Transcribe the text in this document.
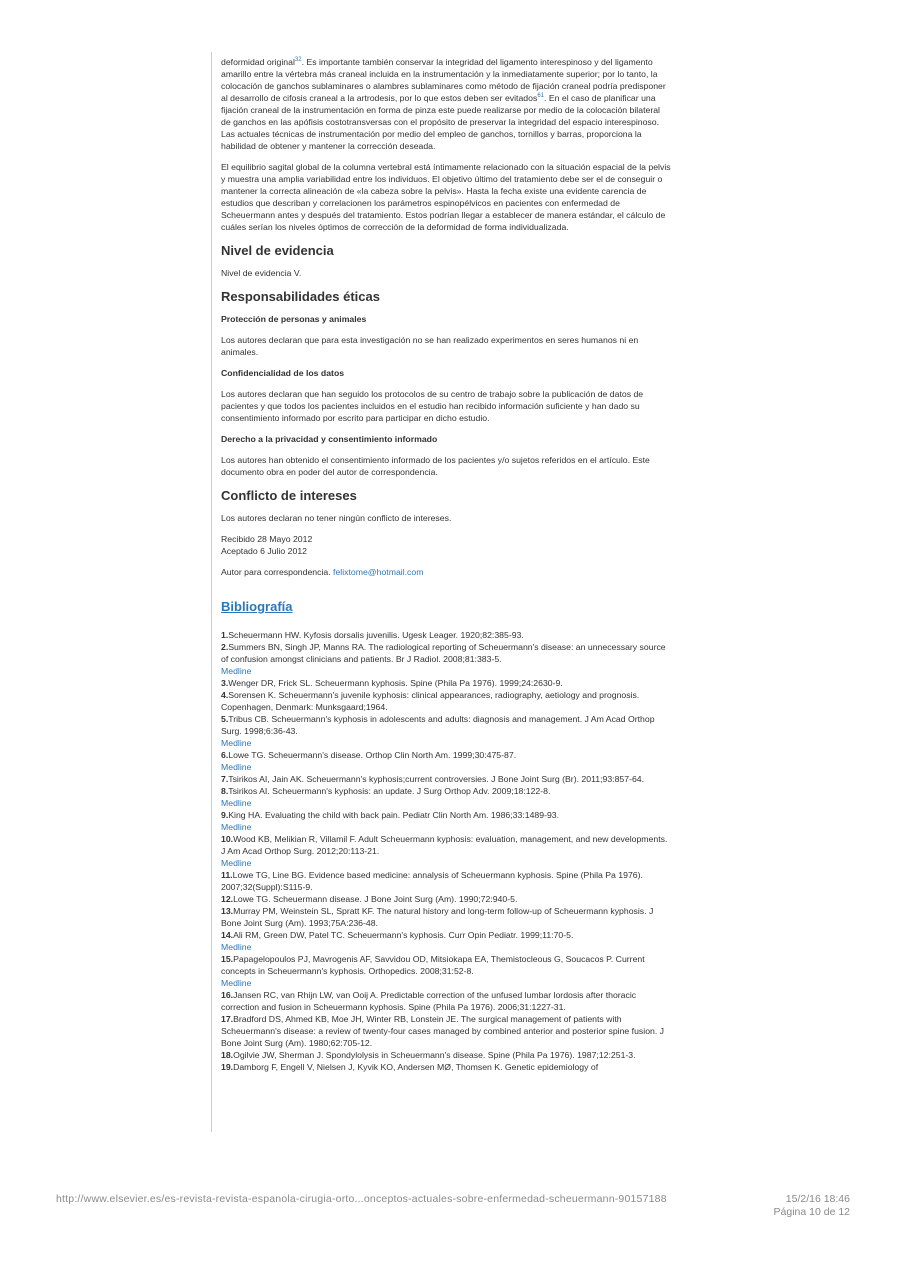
deformidad original$^{32}$. Es importante también conservar la integridad del ligamento interespinoso y del ligamento amarillo entre la vértebra más craneal incluida en la instrumentación y la inmediatamente superior; por lo tanto, la colocación de ganchos sublaminares o alambres sublaminares como método de fijación craneal podría predisponer al desarrollo de cifosis craneal a la artrodesis, por lo que estos deben ser evitados$^{61}$. En el caso de planificar una fijación craneal de la instrumentación en forma de pinza este puede realizarse por medio de la colocación bilateral de ganchos en las apófisis costotransversas con el propósito de preservar la integridad del espacio interespinoso. Las actuales técnicas de instrumentación por medio del empleo de ganchos, tornillos y barras, proporciona la habilidad de obtener y mantener la corrección deseada.

El equilibrio sagital global de la columna vertebral está íntimamente relacionado con la situación espacial de la pelvis y muestra una amplia variabilidad entre los individuos. El objetivo último del tratamiento debe ser el de conseguir o mantener la correcta alineación de «la cabeza sobre la pelvis». Hasta la fecha existe una evidente carencia de estudios que describan y correlacionen los parámetros espinopélvicos en pacientes con enfermedad de Scheuermann antes y después del tratamiento. Estos podrían llegar a establecer de manera estándar, el cálculo de cuáles serían los niveles óptimos de corrección de la deformidad de forma individualizada.

Nivel de evidencia

Nivel de evidencia V.

Responsabilidades éticas
Protección de personas y animales

Los autores declaran que para esta investigación no se han realizado experimentos en seres humanos ni en animales.

Confidencialidad de los datos

Los autores declaran que han seguido los protocolos de su centro de trabajo sobre la publicación de datos de pacientes y que todos los pacientes incluidos en el estudio han recibido información suficiente y han dado su consentimiento informado por escrito para participar en dicho estudio.

Derecho a la privacidad y consentimiento informado

Los autores han obtenido el consentimiento informado de los pacientes y/o sujetos referidos en el artículo. Este documento obra en poder del autor de correspondencia.

Conflicto de intereses

Los autores declaran no tener ningún conflicto de intereses.

Recibido 28 Mayo 2012
Aceptado 6 Julio 2012

Autor para correspondencia. felixtome@hotmail.com

Bibliografía
1.Scheuermann HW. Kyfosis dorsalis juvenilis. Ugesk Leager. 1920;82:385-93.
2.Summers BN, Singh JP, Manns RA. The radiological reporting of Scheuermann's disease: an unnecessary source of confusion amongst clinicians and patients. Br J Radiol. 2008;81:383-5.
Medline
3.Wenger DR, Frick SL. Scheuermann kyphosis. Spine (Phila Pa 1976). 1999;24:2630-9.
4.Sorensen K. Scheuermann's juvenile kyphosis: clinical appearances, radiography, aetiology and prognosis. Copenhagen, Denmark: Munksgaard;1964.
5.Tribus CB. Scheuermann's kyphosis in adolescents and adults: diagnosis and management. J Am Acad Orthop Surg. 1998;6:36-43.
Medline
6.Lowe TG. Scheuermann's disease. Orthop Clin North Am. 1999;30:475-87.
Medline
7.Tsirikos AI, Jain AK. Scheuermann's kyphosis;current controversies. J Bone Joint Surg (Br). 2011;93:857-64.
8.Tsirikos AI. Scheuermann's kyphosis: an update. J Surg Orthop Adv. 2009;18:122-8.
Medline
9.King HA. Evaluating the child with back pain. Pediatr Clin North Am. 1986;33:1489-93.
Medline
10.Wood KB, Melikian R, Villamil F. Adult Scheuermann kyphosis: evaluation, management, and new developments. J Am Acad Orthop Surg. 2012;20:113-21.
Medline
11.Lowe TG, Line BG. Evidence based medicine: annalysis of Scheuermann kyphosis. Spine (Phila Pa 1976). 2007;32(Suppl):S115-9.
12.Lowe TG. Scheuermann disease. J Bone Joint Surg (Am). 1990;72:940-5.
13.Murray PM, Weinstein SL, Spratt KF. The natural history and long-term follow-up of Scheuermann kyphosis. J Bone Joint Surg (Am). 1993;75A:236-48.
14.Ali RM, Green DW, Patel TC. Scheuermann's kyphosis. Curr Opin Pediatr. 1999;11:70-5.
Medline
15.Papagelopoulos PJ, Mavrogenis AF, Savvidou OD, Mitsiokapa EA, Themistocleous G, Soucacos P. Current concepts in Scheuermann's kyphosis. Orthopedics. 2008;31:52-8.
Medline
16.Jansen RC, van Rhijn LW, van Ooij A. Predictable correction of the unfused lumbar lordosis after thoracic correction and fusion in Scheuermann kyphosis. Spine (Phila Pa 1976). 2006;31:1227-31.
17.Bradford DS, Ahmed KB, Moe JH, Winter RB, Lonstein JE. The surgical management of patients with Scheuermann's disease: a review of twenty-four cases managed by combined anterior and posterior spine fusion. J Bone Joint Surg (Am). 1980;62:705-12.
18.Ogilvie JW, Sherman J. Spondylolysis in Scheuermann's disease. Spine (Phila Pa 1976). 1987;12:251-3.
19.Damborg F, Engell V, Nielsen J, Kyvik KO, Andersen MØ, Thomsen K. Genetic epidemiology of
http://www.elsevier.es/es-revista-revista-espanola-cirugia-orto...onceptos-actuales-sobre-enfermedad-scheuermann-90157188	15/2/16 18:46
Página 10 de 12
